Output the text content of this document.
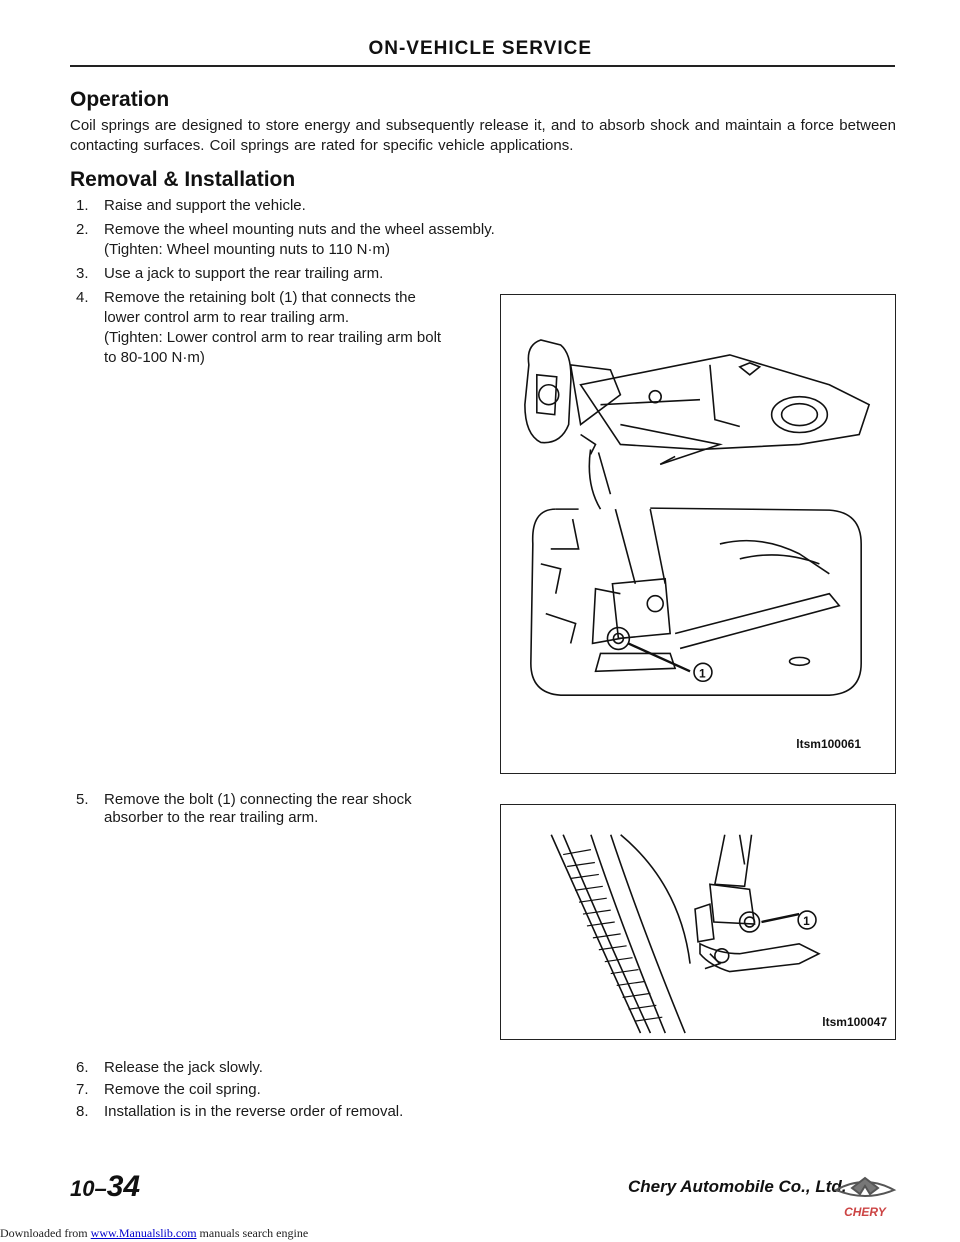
ON-VEHICLE SERVICE
Operation

Coil springs are designed to store energy and subsequently release it, and to absorb shock and maintain a force between contacting surfaces. Coil springs are rated for specific vehicle applications.

Removal & Installation

1. Raise and support the vehicle.

2. Remove the wheel mounting nuts and the wheel assembly.

(Tighten: Wheel mounting nuts to 110 N·m)

3. Use a jack to support the rear trailing arm.

4. Remove the retaining bolt (1) that connects the

lower control arm to rear trailing arm.

(Tighten: Lower control arm to rear trailing arm bolt

to 80-100 N·m)

1
ltsm100061

5. Remove the bolt (1) connecting the rear shock

absorber to the rear trailing arm.

1
ltsm100047

6. Release the jack slowly.

7. Remove the coil spring.

8. Installation is in the reverse order of removal.

10–34	Chery Automobile Co., Ltd.
CHERY
Downloaded from www.Manualslib.com manuals search engine
